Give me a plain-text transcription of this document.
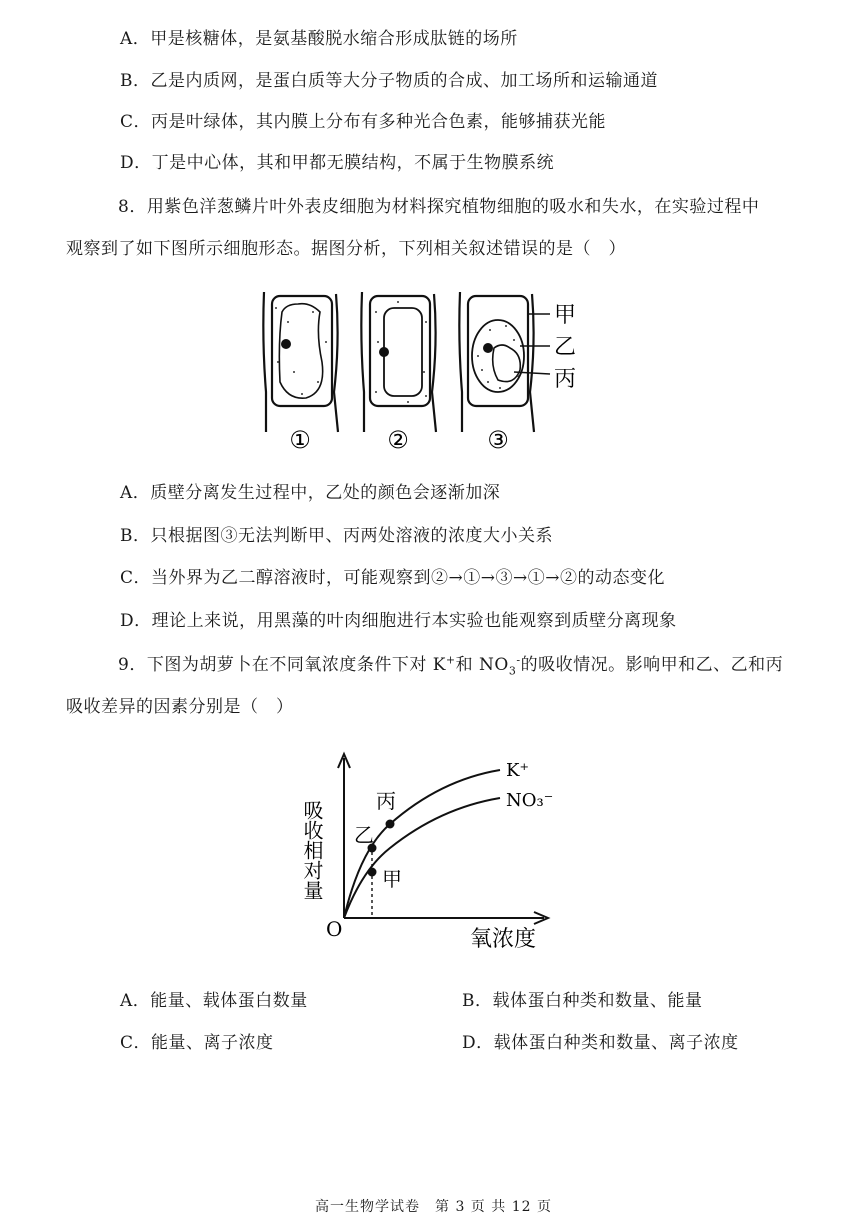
A．甲是核糖体，是氨基酸脱水缩合形成肽链的场所
B．乙是内质网，是蛋白质等大分子物质的合成、加工场所和运输通道
C．丙是叶绿体，其内膜上分布有多种光合色素，能够捕获光能
D．丁是中心体，其和甲都无膜结构，不属于生物膜系统
8．用紫色洋葱鳞片叶外表皮细胞为材料探究植物细胞的吸水和失水，在实验过程中
观察到了如下图所示细胞形态。据图分析，下列相关叙述错误的是（　）
甲
乙
丙
①	②	③
A．质壁分离发生过程中，乙处的颜色会逐渐加深
B．只根据图③无法判断甲、丙两处溶液的浓度大小关系
C．当外界为乙二醇溶液时，可能观察到②→①→③→①→②的动态变化
D．理论上来说，用黑藻的叶肉细胞进行本实验也能观察到质壁分离现象
9．下图为胡萝卜在不同氧浓度条件下对 K+和 $NO_3^-$的吸收情况。影响甲和乙、乙和丙
吸收差异的因素分别是（　）
吸收相对量
O	氧浓度
K⁺
NO₃⁻
乙
丙
甲
A．能量、载体蛋白数量	B．载体蛋白种类和数量、能量
C．能量、离子浓度	D．载体蛋白种类和数量、离子浓度
高一生物学试卷　第 3 页 共 12 页
